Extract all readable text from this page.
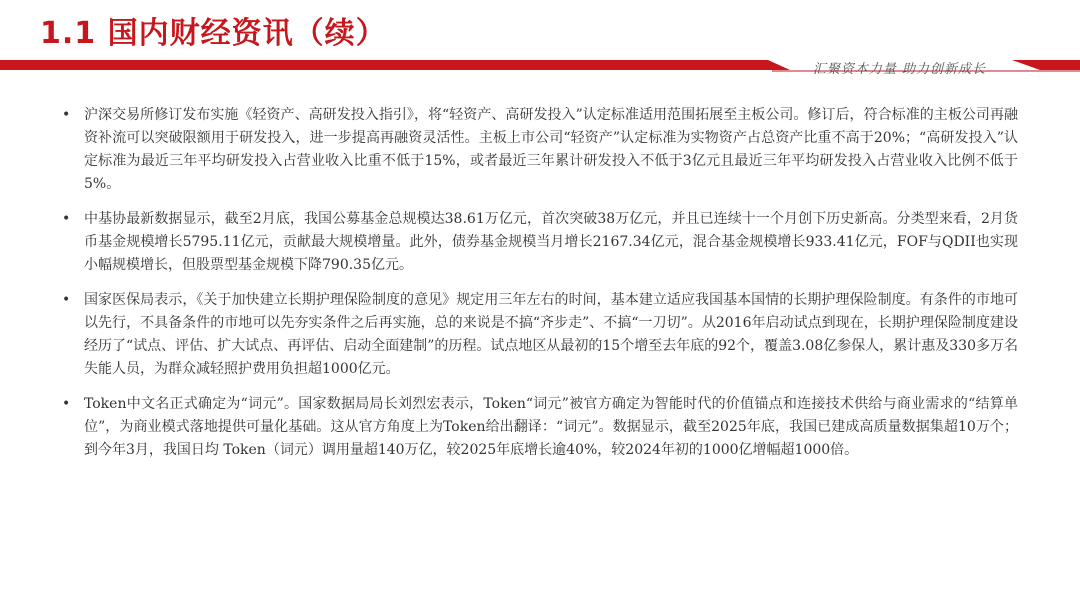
1.1 国内财经资讯（续）
汇聚资本力量 助力创新成长
• 沪深交易所修订发布实施《轻资产、高研发投入指引》，将“轻资产、高研发投入”认定标准适用范围拓展至主板公司。修订后，符合标准的主板公司再融资补流可以突破限额用于研发投入，进一步提高再融资灵活性。主板上市公司“轻资产”认定标准为实物资产占总资产比重不高于20%；“高研发投入”认定标准为最近三年平均研发投入占营业收入比重不低于15%，或者最近三年累计研发投入不低于3亿元且最近三年平均研发投入占营业收入比例不低于5%。
• 中基协最新数据显示，截至2月底，我国公募基金总规模达38.61万亿元，首次突破38万亿元，并且已连续十一个月创下历史新高。分类型来看，2月货币基金规模增长5795.11亿元，贡献最大规模增量。此外，债券基金规模当月增长2167.34亿元，混合基金规模增长933.41亿元，FOF与QDII也实现小幅规模增长，但股票型基金规模下降790.35亿元。
• 国家医保局表示，《关于加快建立长期护理保险制度的意见》规定用三年左右的时间，基本建立适应我国基本国情的长期护理保险制度。有条件的市地可以先行，不具备条件的市地可以先夯实条件之后再实施，总的来说是不搞“齐步走”、不搞“一刀切”。从2016年启动试点到现在，长期护理保险制度建设经历了“试点、评估、扩大试点、再评估、启动全面建制”的历程。试点地区从最初的15个增至去年底的92个，覆盖3.08亿参保人，累计惠及330多万名失能人员，为群众减轻照护费用负担超1000亿元。
• Token中文名正式确定为“词元”。国家数据局局长刘烈宏表示，Token“词元”被官方确定为智能时代的价值锚点和连接技术供给与商业需求的“结算单位”，为商业模式落地提供可量化基础。这从官方角度上为Token给出翻译：“词元”。数据显示，截至2025年底，我国已建成高质量数据集超10万个；到今年3月，我国日均 Token（词元）调用量超140万亿，较2025年底增长逾40%，较2024年初的1000亿增幅超1000倍。
